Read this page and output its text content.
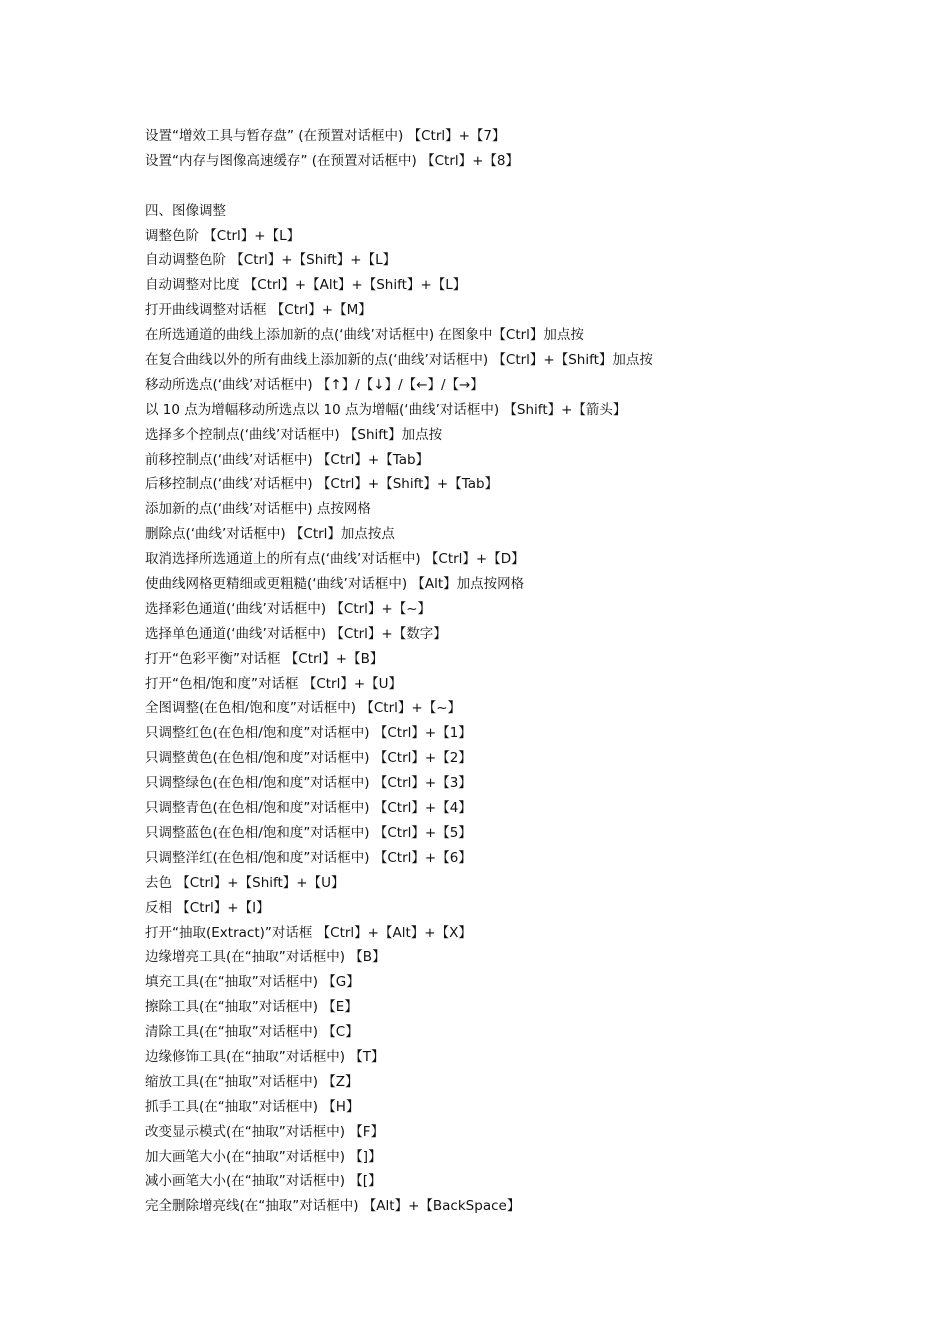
设置“增效工具与暂存盘” (在预置对话框中) 【Ctrl】+【7】
设置“内存与图像高速缓存” (在预置对话框中) 【Ctrl】+【8】
四、图像调整
调整色阶 【Ctrl】+【L】
自动调整色阶 【Ctrl】+【Shift】+【L】
自动调整对比度 【Ctrl】+【Alt】+【Shift】+【L】
打开曲线调整对话框 【Ctrl】+【M】
在所选通道的曲线上添加新的点(‘曲线’对话框中) 在图象中【Ctrl】加点按
在复合曲线以外的所有曲线上添加新的点(‘曲线’对话框中) 【Ctrl】+【Shift】加点按
移动所选点(‘曲线’对话框中) 【↑】/【↓】/【←】/【→】
以 10 点为增幅移动所选点以 10 点为增幅(‘曲线’对话框中) 【Shift】+【箭头】
选择多个控制点(‘曲线’对话框中) 【Shift】加点按
前移控制点(‘曲线’对话框中) 【Ctrl】+【Tab】
后移控制点(‘曲线’对话框中) 【Ctrl】+【Shift】+【Tab】
添加新的点(‘曲线’对话框中) 点按网格
删除点(‘曲线’对话框中) 【Ctrl】加点按点
取消选择所选通道上的所有点(‘曲线’对话框中) 【Ctrl】+【D】
使曲线网格更精细或更粗糙(‘曲线’对话框中) 【Alt】加点按网格
选择彩色通道(‘曲线’对话框中) 【Ctrl】+【~】
选择单色通道(‘曲线’对话框中) 【Ctrl】+【数字】
打开“色彩平衡”对话框 【Ctrl】+【B】
打开“色相/饱和度”对话框 【Ctrl】+【U】
全图调整(在色相/饱和度”对话框中) 【Ctrl】+【~】
只调整红色(在色相/饱和度”对话框中) 【Ctrl】+【1】
只调整黄色(在色相/饱和度”对话框中) 【Ctrl】+【2】
只调整绿色(在色相/饱和度”对话框中) 【Ctrl】+【3】
只调整青色(在色相/饱和度”对话框中) 【Ctrl】+【4】
只调整蓝色(在色相/饱和度”对话框中) 【Ctrl】+【5】
只调整洋红(在色相/饱和度”对话框中) 【Ctrl】+【6】
去色 【Ctrl】+【Shift】+【U】
反相 【Ctrl】+【I】
打开“抽取(Extract)”对话框 【Ctrl】+【Alt】+【X】
边缘增亮工具(在“抽取”对话框中) 【B】
填充工具(在“抽取”对话框中) 【G】
擦除工具(在“抽取”对话框中) 【E】
清除工具(在“抽取”对话框中) 【C】
边缘修饰工具(在“抽取”对话框中) 【T】
缩放工具(在“抽取”对话框中) 【Z】
抓手工具(在“抽取”对话框中) 【H】
改变显示模式(在“抽取”对话框中) 【F】
加大画笔大小(在“抽取”对话框中) 【]】
减小画笔大小(在“抽取”对话框中) 【[】
完全删除增亮线(在“抽取”对话框中) 【Alt】+【BackSpace】
